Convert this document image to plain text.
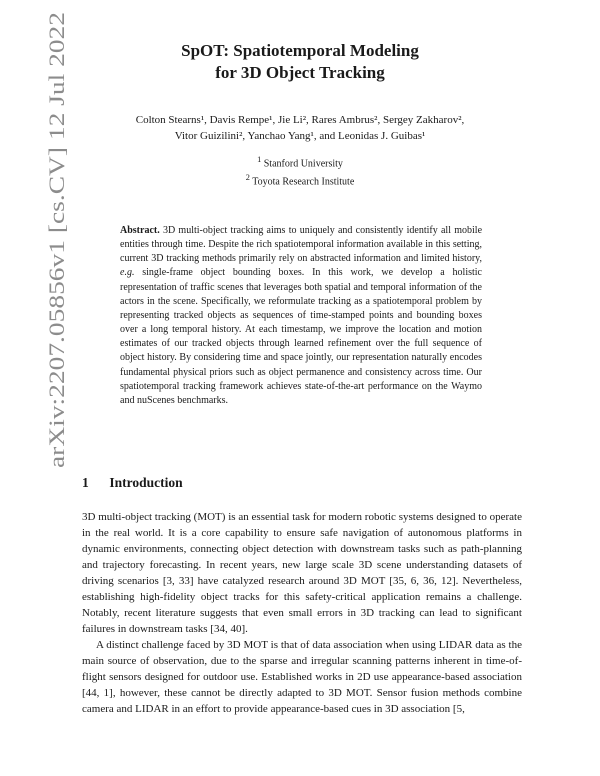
arXiv:2207.05856v1 [cs.CV] 12 Jul 2022
SpOT: Spatiotemporal Modeling
for 3D Object Tracking
Colton Stearns¹, Davis Rempe¹, Jie Li², Rares Ambrus², Sergey Zakharov²,
Vitor Guizilini², Yanchao Yang¹, and Leonidas J. Guibas¹
$^1$ Stanford University
$^2$ Toyota Research Institute
Abstract. 3D multi-object tracking aims to uniquely and consistently identify all mobile entities through time. Despite the rich spatiotemporal information available in this setting, current 3D tracking methods primarily rely on abstracted information and limited history, e.g. single-frame object bounding boxes. In this work, we develop a holistic representation of traffic scenes that leverages both spatial and temporal information of the actors in the scene. Specifically, we reformulate tracking as a spatiotemporal problem by representing tracked objects as sequences of time-stamped points and bounding boxes over a long temporal history. At each timestamp, we improve the location and motion estimates of our tracked objects through learned refinement over the full sequence of object history. By considering time and space jointly, our representation naturally encodes fundamental physical priors such as object permanence and consistency across time. Our spatiotemporal tracking framework achieves state-of-the-art performance on the Waymo and nuScenes benchmarks.
1 Introduction

3D multi-object tracking (MOT) is an essential task for modern robotic systems designed to operate in the real world. It is a core capability to ensure safe navigation of autonomous platforms in dynamic environments, connecting object detection with downstream tasks such as path-planning and trajectory forecasting. In recent years, new large scale 3D scene understanding datasets of driving scenarios [3, 33] have catalyzed research around 3D MOT [35, 6, 36, 12]. Nevertheless, establishing high-fidelity object tracks for this safety-critical application remains a challenge. Notably, recent literature suggests that even small errors in 3D tracking can lead to significant failures in downstream tasks [34, 40].

A distinct challenge faced by 3D MOT is that of data association when using LIDAR data as the main source of observation, due to the sparse and irregular scanning patterns inherent in time-of-flight sensors designed for outdoor use. Established works in 2D use appearance-based association [44, 1], however, these cannot be directly adapted to 3D MOT. Sensor fusion methods combine camera and LIDAR in an effort to provide appearance-based cues in 3D association [5,
